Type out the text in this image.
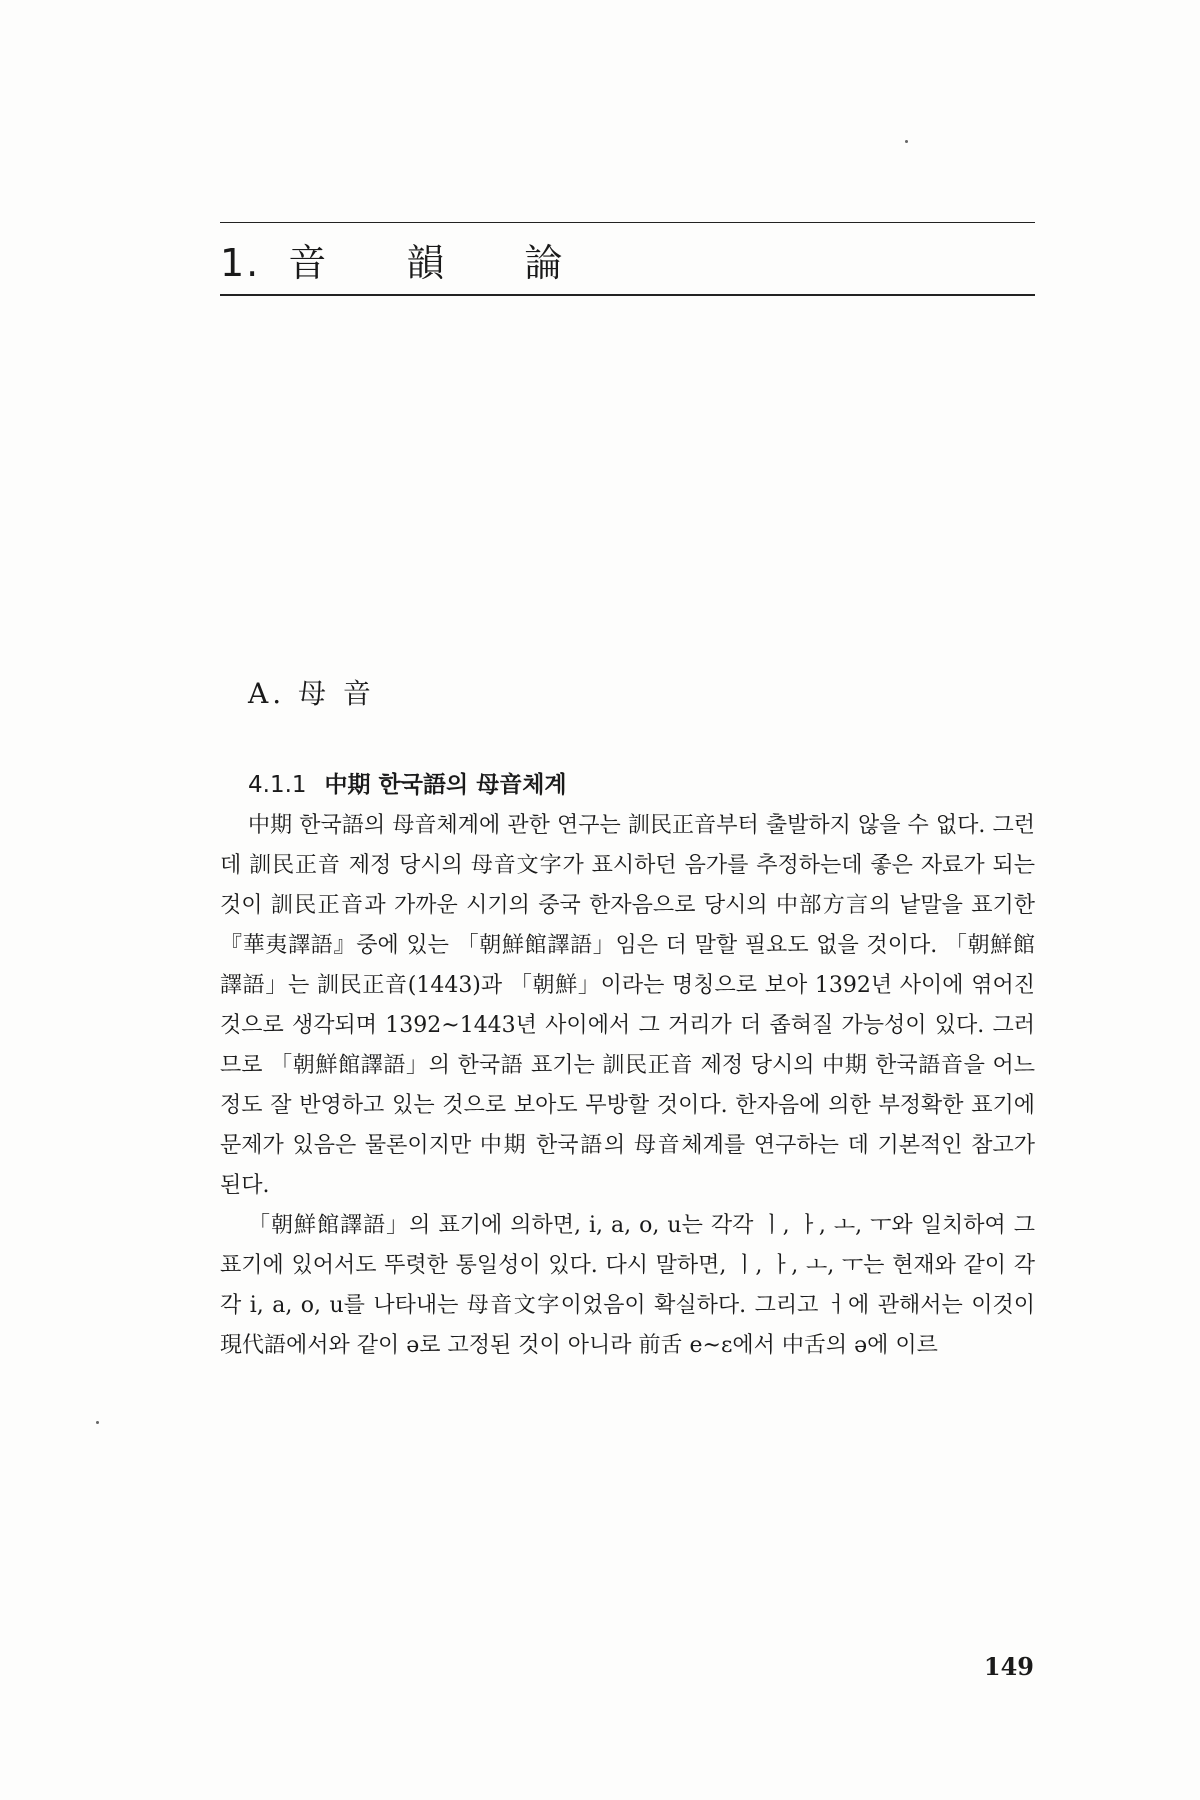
1. 音 韻 論
A. 母 音
4.1.1 中期 한국語의 母音체계

中期 한국語의 母音체계에 관한 연구는 訓民正音부터 출발하지 않을 수 없다. 그런데 訓民正音 제정 당시의 母音文字가 표시하던 음가를 추정하는데 좋은 자료가 되는 것이 訓民正音과 가까운 시기의 중국 한자음으로 당시의 中部方言의 낱말을 표기한 『華夷譯語』중에 있는 「朝鮮館譯語」임은 더 말할 필요도 없을 것이다. 「朝鮮館譯語」는 訓民正音(1443)과 「朝鮮」이라는 명칭으로 보아 1392년 사이에 엮어진 것으로 생각되며 1392~1443년 사이에서 그 거리가 더 좁혀질 가능성이 있다. 그러므로 「朝鮮館譯語」의 한국語 표기는 訓民正音 제정 당시의 中期 한국語音을 어느 정도 잘 반영하고 있는 것으로 보아도 무방할 것이다. 한자음에 의한 부정확한 표기에 문제가 있음은 물론이지만 中期 한국語의 母音체계를 연구하는 데 기본적인 참고가 된다.

「朝鮮館譯語」의 표기에 의하면, i, a, o, u는 각각 ㅣ, ㅏ, ㅗ, ㅜ와 일치하여 그 표기에 있어서도 뚜렷한 통일성이 있다. 다시 말하면, ㅣ, ㅏ, ㅗ, ㅜ는 현재와 같이 각각 i, a, o, u를 나타내는 母音文字이었음이 확실하다. 그리고 ㅓ에 관해서는 이것이 現代語에서와 같이 ə로 고정된 것이 아니라 前舌 e~ε에서 中舌의 ə에 이르

149
